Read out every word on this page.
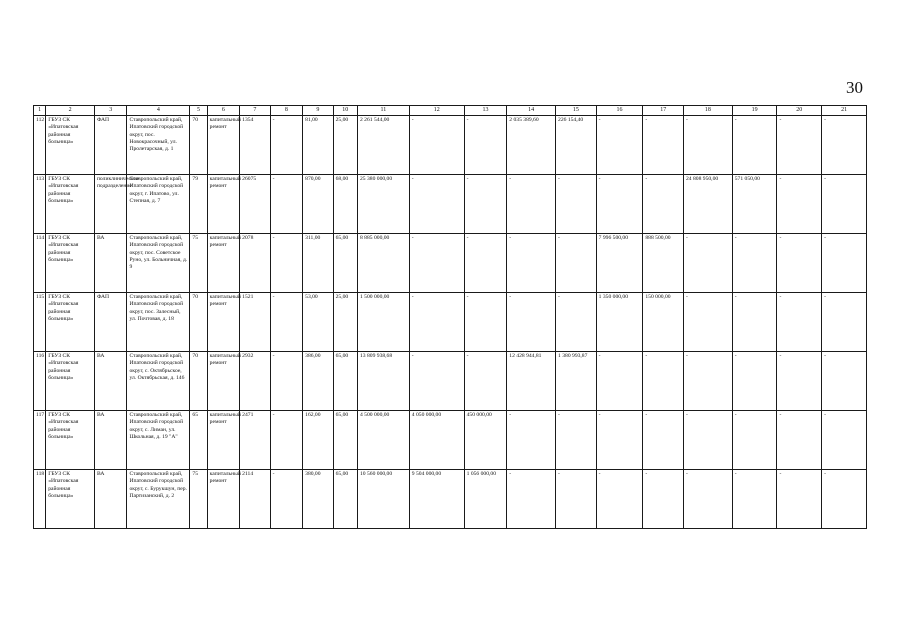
30
1	2	3	4	5	6	7	8	9	10	11	12	13	14	15	16	17	18	19	20	21
112	ГБУЗ СК «Ипатовская районная больница»	ФАП	Ставропольский край, Ипатовский городской округ, пос. Новокрасочный, ул. Пролетарская, д. 1	70	капитальный ремонт	1354	-	81,00	25,00	2 261 544,00	-	-	2 035 389,60	226 154,40	-	-	-	-	-	-
113	ГБУЗ СК «Ипатовская районная больница»	поликлиническое подразделение	Ставропольский край, Ипатовский городской округ, г. Ипатово, ул. Степная, д. 7	79	капитальный ремонт	26075	-	870,00	68,00	25 380 000,00	-	-	-	-	-	-	24 808 950,00	571 050,00	-	-
114	ГБУЗ СК «Ипатовская районная больница»	ВА	Ставропольский край, Ипатовский городской округ, пос. Советское Руно, ул. Больничная, д. 9	75	капитальный ремонт	2078	-	311,00	65,00	8 885 000,00	-	-	-	-	7 996 500,00	888 500,00	-	-	-	-
115	ГБУЗ СК «Ипатовская районная больница»	ФАП	Ставропольский край, Ипатовский городской округ, пос. Залесный, ул. Почтовая, д. 18	70	капитальный ремонт	1521	-	53,00	25,00	1 500 000,00	-	-	-	-	1 350 000,00	150 000,00	-	-	-	-
116	ГБУЗ СК «Ипатовская районная больница»	ВА	Ставропольский край, Ипатовский городской округ, с. Октябрьское, ул. Октябрьская, д. 146	70	капитальный ремонт	2932	-	386,00	65,00	13 809 938,68	-	-	12 428 944,81	1 380 993,87	-	-	-	-	-	-
117	ГБУЗ СК «Ипатовская районная больница»	ВА	Ставропольский край, Ипатовский городской округ, с. Лиман, ул. Школьная, д. 19 "А"	65	капитальный ремонт	2471	-	162,00	65,00	4 500 000,00	4 050 000,00	450 000,00	-	-	-	-	-	-	-	-
118	ГБУЗ СК «Ипатовская районная больница»	ВА	Ставропольский край, Ипатовский городской округ, с. Бурукшун, пер. Партизанский, д. 2	75	капитальный ремонт	2114	-	380,00	65,00	10 560 000,00	9 504 000,00	1 056 000,00	-	-	-	-	-	-	-	-
